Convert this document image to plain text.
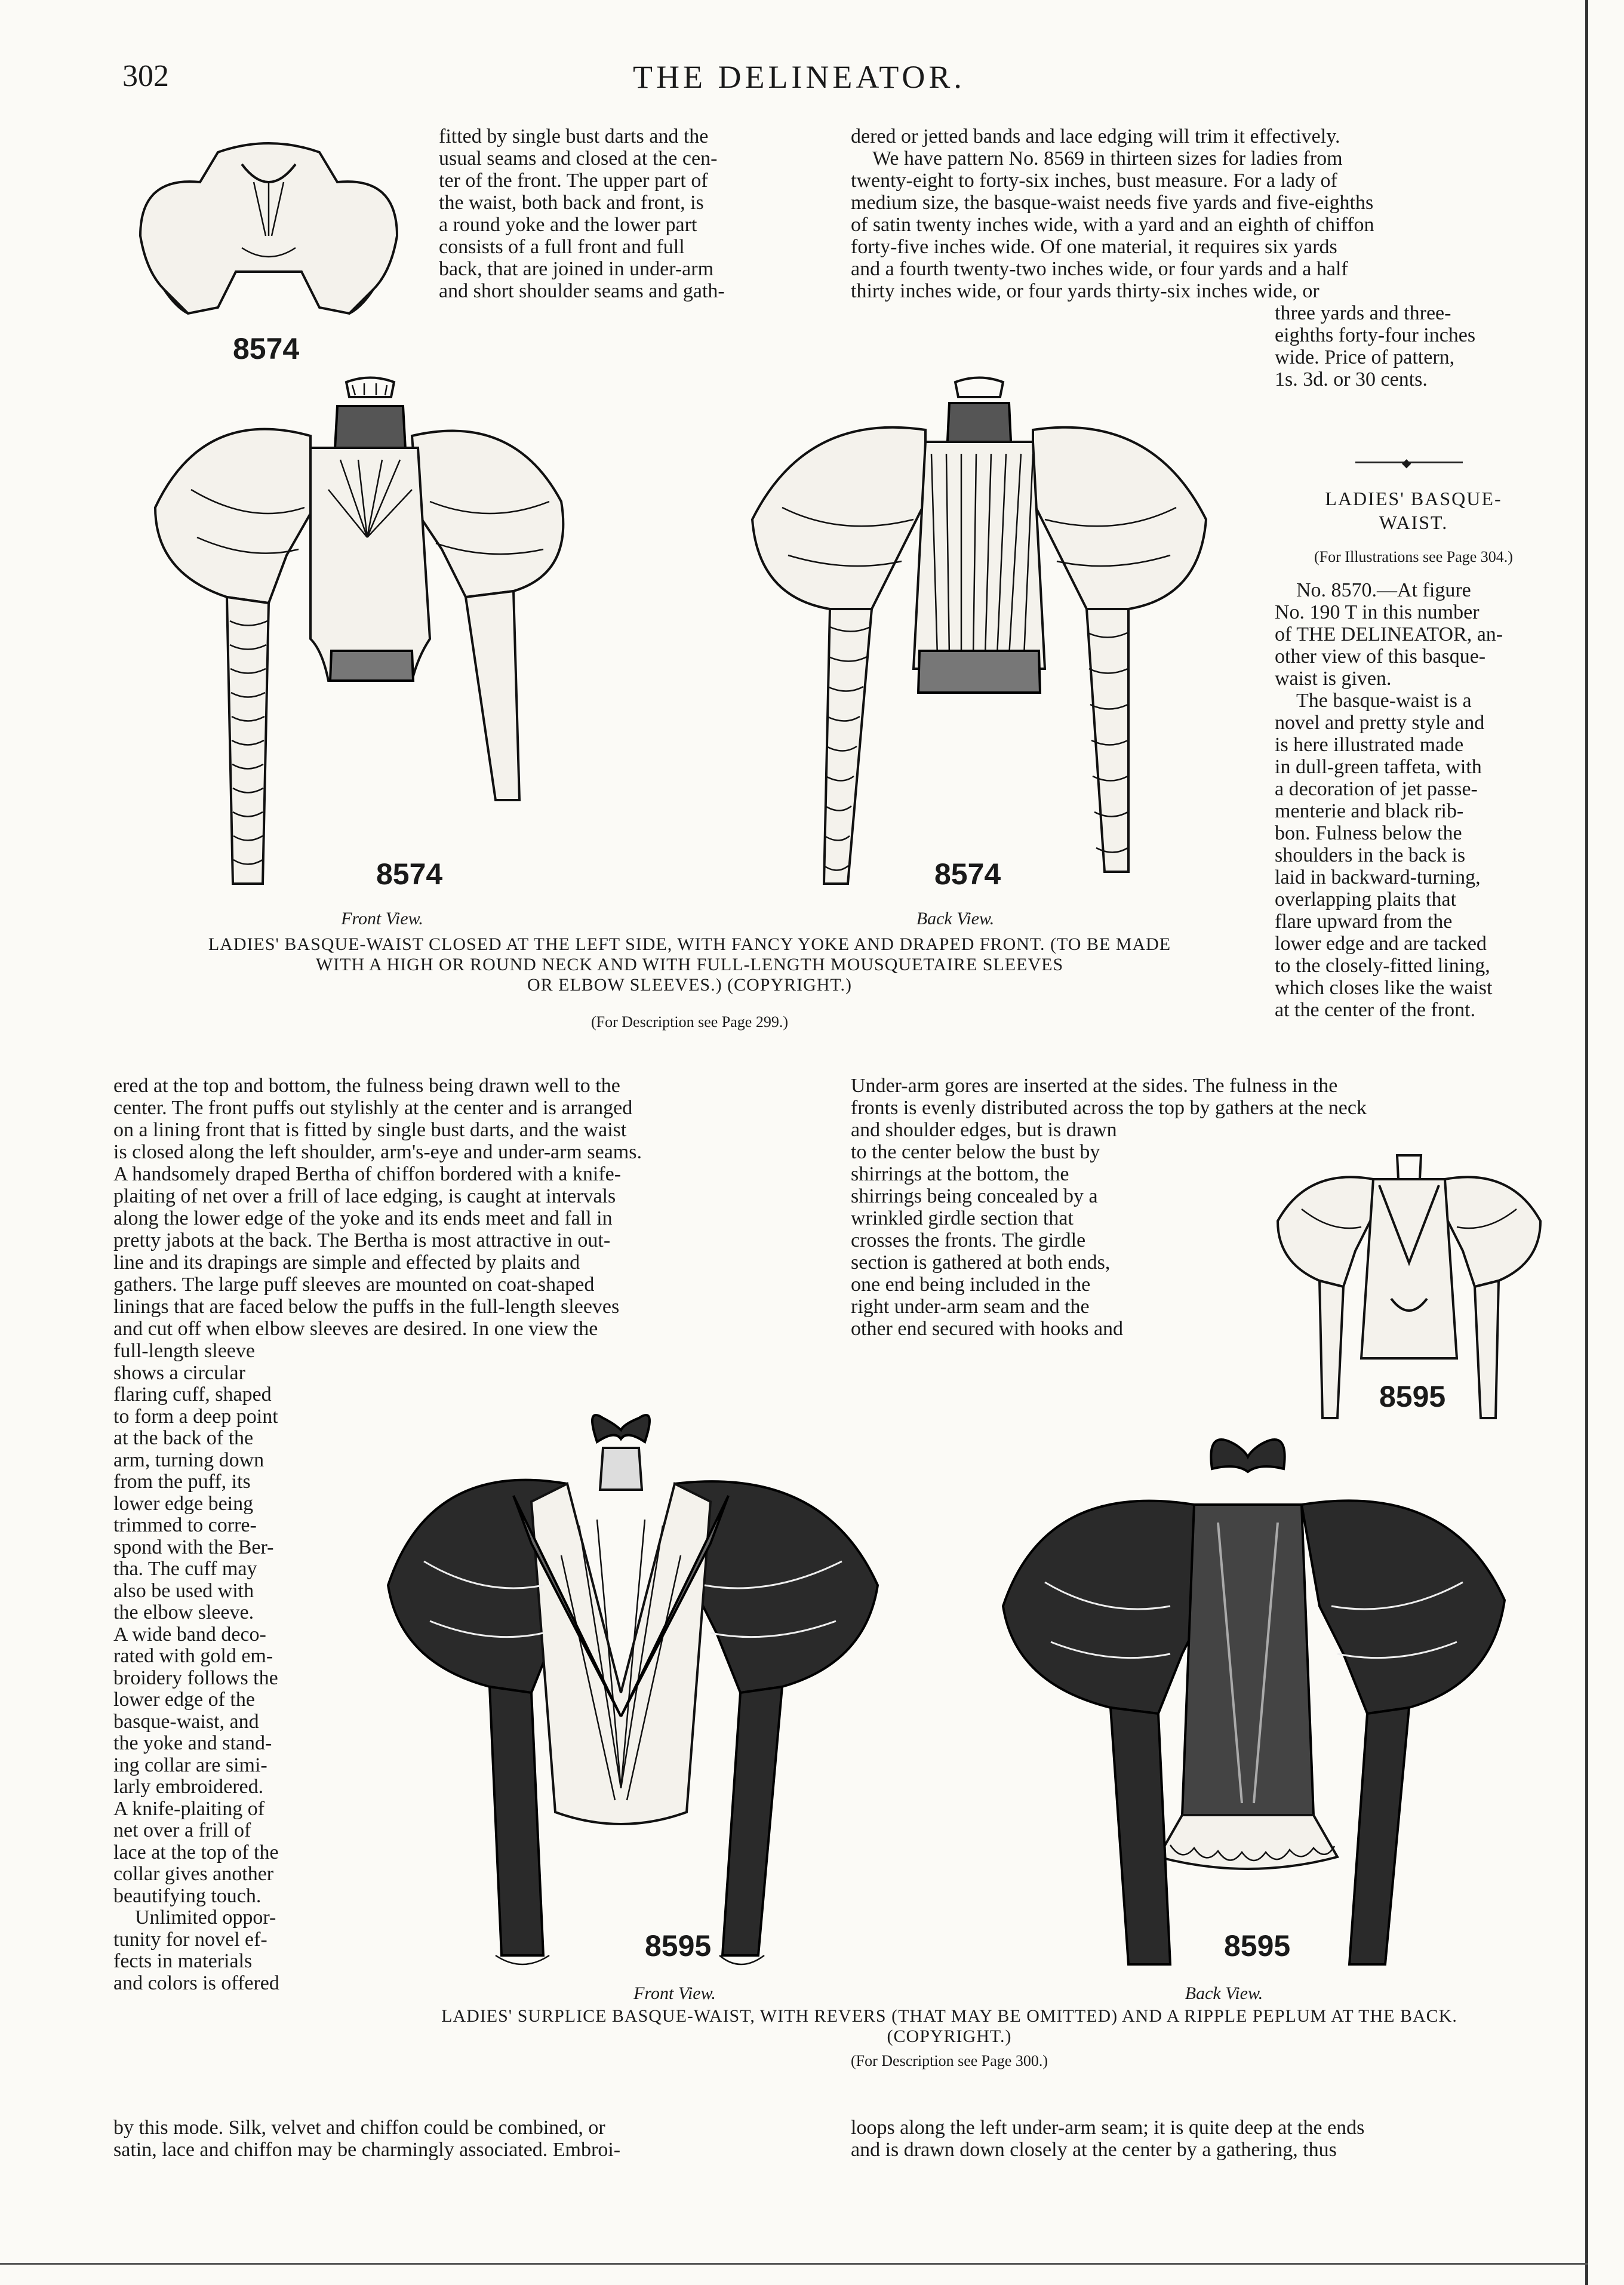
302	THE DELINEATOR.
8574

fitted by single bust darts and the

usual seams and closed at the cen-

ter of the front. The upper part of

the waist, both back and front, is

a round yoke and the lower part

consists of a full front and full

back, that are joined in under-arm

and short shoulder seams and gath-

dered or jetted bands and lace edging will trim it effectively.

We have pattern No. 8569 in thirteen sizes for ladies from

twenty-eight to forty-six inches, bust measure. For a lady of

medium size, the basque-waist needs five yards and five-eighths

of satin twenty inches wide, with a yard and an eighth of chiffon

forty-five inches wide. Of one material, it requires six yards

and a fourth twenty-two inches wide, or four yards and a half

thirty inches wide, or four yards thirty-six inches wide, or

three yards and three-

eighths forty-four inches

wide. Price of pattern,

1s. 3d. or 30 cents.

◆
LADIES' BASQUE-
WAIST.
(For Illustrations see Page 304.)

No. 8570.—At figure

No. 190 T in this number

of THE DELINEATOR, an-

other view of this basque-

waist is given.

The basque-waist is a

novel and pretty style and

is here illustrated made

in dull-green taffeta, with

a decoration of jet passe-

menterie and black rib-

bon. Fulness below the

shoulders in the back is

laid in backward-turning,

overlapping plaits that

flare upward from the

lower edge and are tacked

to the closely-fitted lining,

which closes like the waist

at the center of the front.

8574
Front View.
8574
Back View.
LADIES' BASQUE-WAIST CLOSED AT THE LEFT SIDE, WITH FANCY YOKE AND DRAPED FRONT. (TO BE MADE
WITH A HIGH OR ROUND NECK AND WITH FULL-LENGTH MOUSQUETAIRE SLEEVES
OR ELBOW SLEEVES.) (COPYRIGHT.)
(For Description see Page 299.)

ered at the top and bottom, the fulness being drawn well to the

center. The front puffs out stylishly at the center and is arranged

on a lining front that is fitted by single bust darts, and the waist

is closed along the left shoulder, arm's-eye and under-arm seams.

A handsomely draped Bertha of chiffon bordered with a knife-

plaiting of net over a frill of lace edging, is caught at intervals

along the lower edge of the yoke and its ends meet and fall in

pretty jabots at the back. The Bertha is most attractive in out-

line and its drapings are simple and effected by plaits and

gathers. The large puff sleeves are mounted on coat-shaped

linings that are faced below the puffs in the full-length sleeves

and cut off when elbow sleeves are desired. In one view the

Under-arm gores are inserted at the sides. The fulness in the

fronts is evenly distributed across the top by gathers at the neck

and shoulder edges, but is drawn

to the center below the bust by

shirrings at the bottom, the

shirrings being concealed by a

wrinkled girdle section that

crosses the fronts. The girdle

section is gathered at both ends,

one end being included in the

right under-arm seam and the

other end secured with hooks and

8595

full-length sleeve

shows a circular

flaring cuff, shaped

to form a deep point

at the back of the

arm, turning down

from the puff, its

lower edge being

trimmed to corre-

spond with the Ber-

tha. The cuff may

also be used with

the elbow sleeve.

A wide band deco-

rated with gold em-

broidery follows the

lower edge of the

basque-waist, and

the yoke and stand-

ing collar are simi-

larly embroidered.

A knife-plaiting of

net over a frill of

lace at the top of the

collar gives another

beautifying touch.

Unlimited oppor-

tunity for novel ef-

fects in materials

and colors is offered

8595
Front View.
8595
Back View.
LADIES' SURPLICE BASQUE-WAIST, WITH REVERS (THAT MAY BE OMITTED) AND A RIPPLE PEPLUM AT THE BACK.
(COPYRIGHT.)
(For Description see Page 300.)

by this mode. Silk, velvet and chiffon could be combined, or

satin, lace and chiffon may be charmingly associated. Embroi-

loops along the left under-arm seam; it is quite deep at the ends

and is drawn down closely at the center by a gathering, thus
